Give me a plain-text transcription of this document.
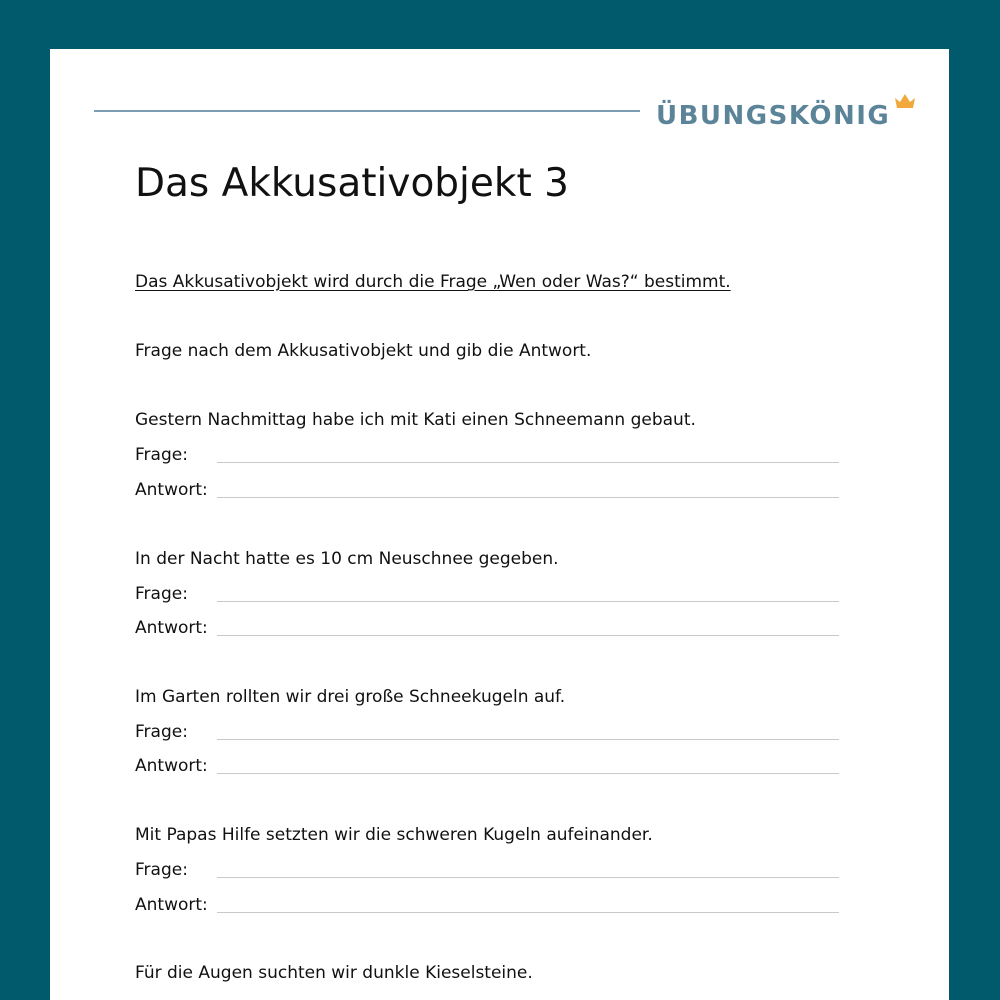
ÜBUNGSKÖNIG
Das Akkusativobjekt 3
Das Akkusativobjekt wird durch die Frage „Wen oder Was?“ bestimmt.
Frage nach dem Akkusativobjekt und gib die Antwort.
Gestern Nachmittag habe ich mit Kati einen Schneemann gebaut.
Frage:
Antwort:
In der Nacht hatte es 10 cm Neuschnee gegeben.
Frage:
Antwort:
Im Garten rollten wir drei große Schneekugeln auf.
Frage:
Antwort:
Mit Papas Hilfe setzten wir die schweren Kugeln aufeinander.
Frage:
Antwort:
Für die Augen suchten wir dunkle Kieselsteine.
